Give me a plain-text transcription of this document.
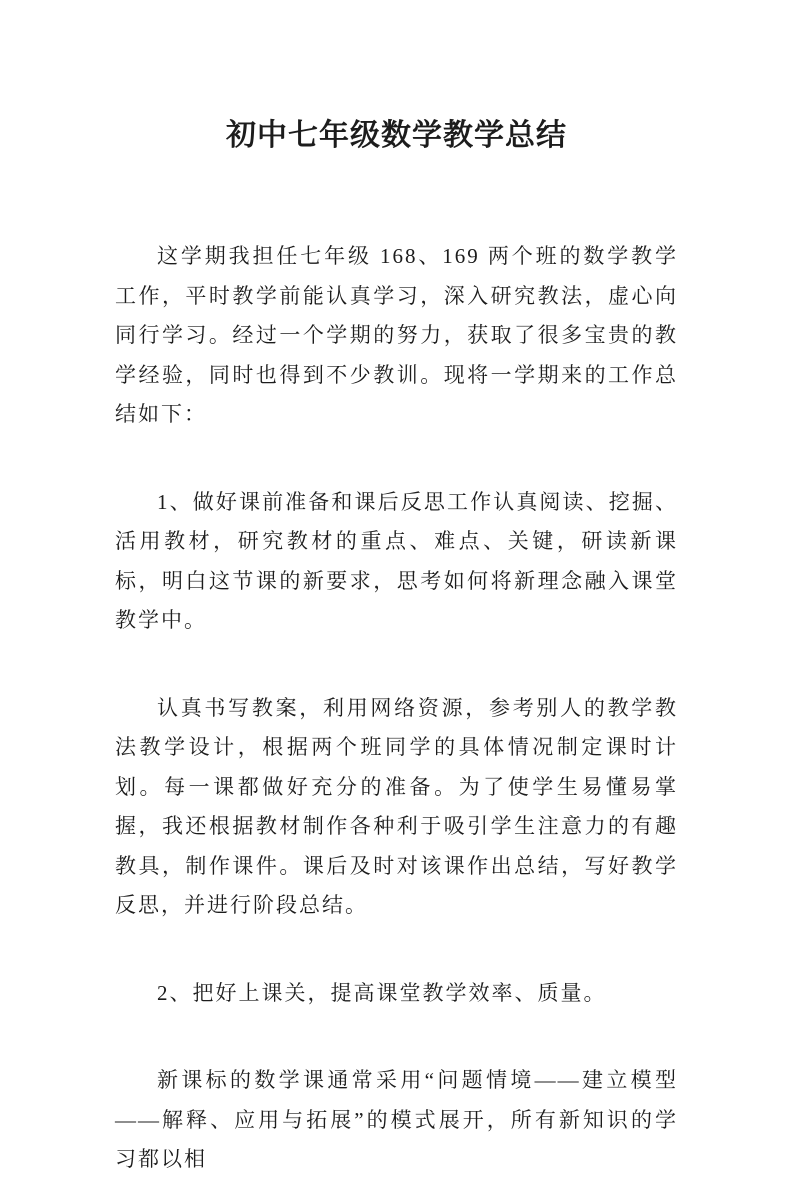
初中七年级数学教学总结

这学期我担任七年级 168、169 两个班的数学教学工作，平时教学前能认真学习，深入研究教法，虚心向同行学习。经过一个学期的努力，获取了很多宝贵的教学经验，同时也得到不少教训。现将一学期来的工作总结如下：

1、做好课前准备和课后反思工作认真阅读、挖掘、活用教材，研究教材的重点、难点、关键，研读新课标，明白这节课的新要求，思考如何将新理念融入课堂教学中。

认真书写教案，利用网络资源，参考别人的教学教法教学设计，根据两个班同学的具体情况制定课时计划。每一课都做好充分的准备。为了使学生易懂易掌握，我还根据教材制作各种利于吸引学生注意力的有趣教具，制作课件。课后及时对该课作出总结，写好教学反思，并进行阶段总结。

2、把好上课关，提高课堂教学效率、质量。

新课标的数学课通常采用“问题情境——建立模型——解释、应用与拓展”的模式展开，所有新知识的学习都以相
